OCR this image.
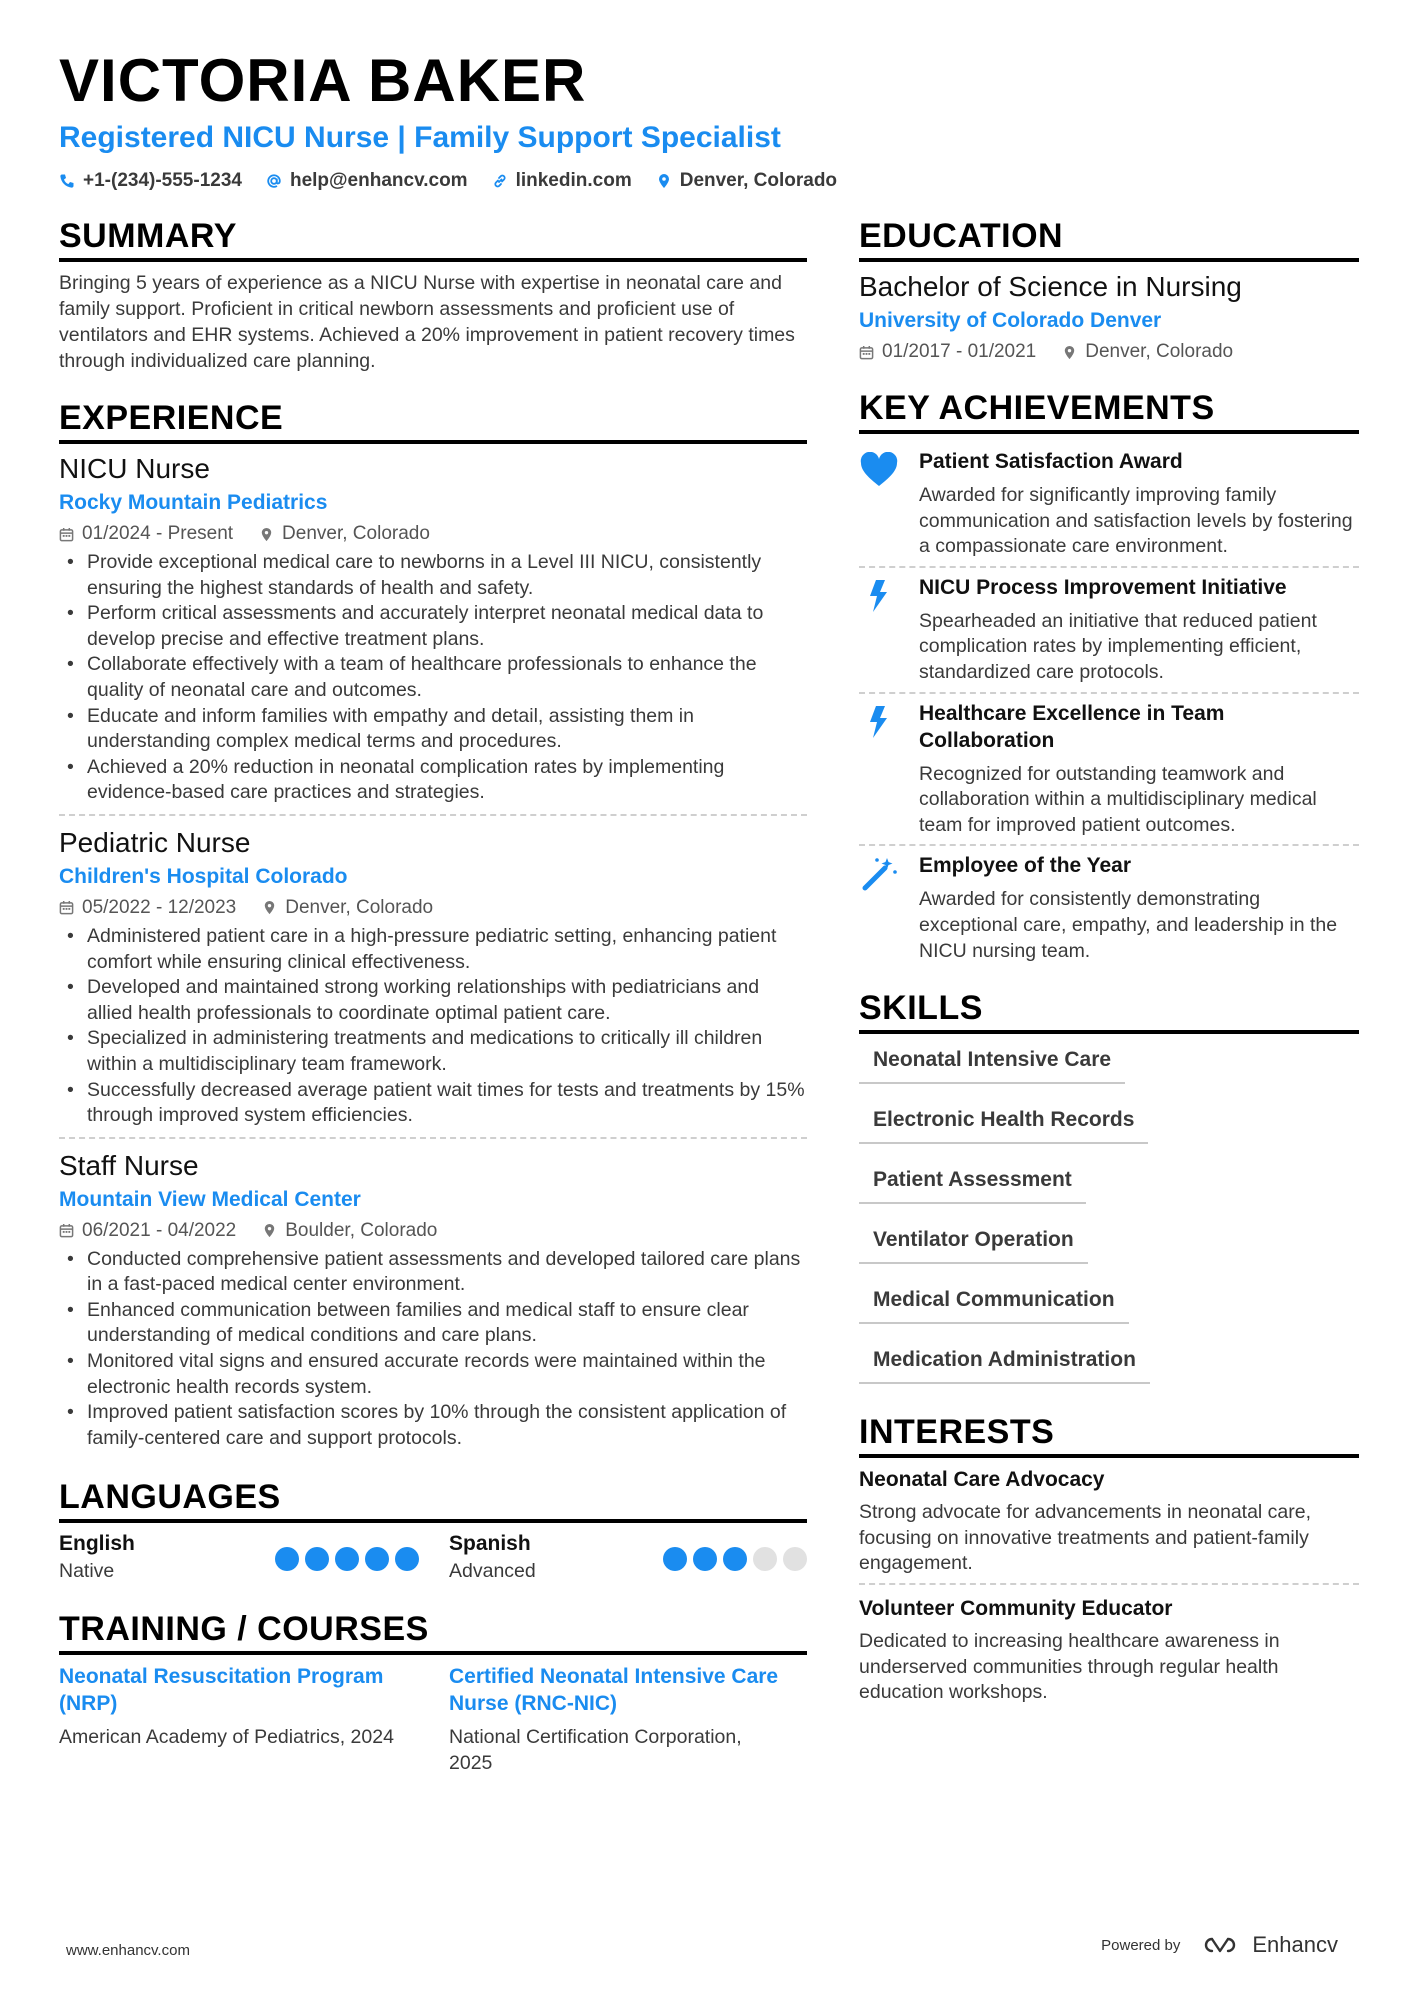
VICTORIA BAKER
Registered NICU Nurse | Family Support Specialist
+1-(234)-555-1234	help@enhancv.com	linkedin.com	Denver, Colorado
SUMMARY
Bringing 5 years of experience as a NICU Nurse with expertise in neonatal care and family support. Proficient in critical newborn assessments and proficient use of ventilators and EHR systems. Achieved a 20% improvement in patient recovery times through individualized care planning.
EXPERIENCE
NICU Nurse
Rocky Mountain Pediatrics
01/2024 - Present	Denver, Colorado
• Provide exceptional medical care to newborns in a Level III NICU, consistently ensuring the highest standards of health and safety.
• Perform critical assessments and accurately interpret neonatal medical data to develop precise and effective treatment plans.
• Collaborate effectively with a team of healthcare professionals to enhance the quality of neonatal care and outcomes.
• Educate and inform families with empathy and detail, assisting them in understanding complex medical terms and procedures.
• Achieved a 20% reduction in neonatal complication rates by implementing evidence-based care practices and strategies.
Pediatric Nurse
Children's Hospital Colorado
05/2022 - 12/2023	Denver, Colorado
• Administered patient care in a high-pressure pediatric setting, enhancing patient comfort while ensuring clinical effectiveness.
• Developed and maintained strong working relationships with pediatricians and allied health professionals to coordinate optimal patient care.
• Specialized in administering treatments and medications to critically ill children within a multidisciplinary team framework.
• Successfully decreased average patient wait times for tests and treatments by 15% through improved system efficiencies.
Staff Nurse
Mountain View Medical Center
06/2021 - 04/2022	Boulder, Colorado
• Conducted comprehensive patient assessments and developed tailored care plans in a fast-paced medical center environment.
• Enhanced communication between families and medical staff to ensure clear understanding of medical conditions and care plans.
• Monitored vital signs and ensured accurate records were maintained within the electronic health records system.
• Improved patient satisfaction scores by 10% through the consistent application of family-centered care and support protocols.
LANGUAGES
English
Native
Spanish
Advanced
TRAINING / COURSES
Neonatal Resuscitation Program (NRP)
American Academy of Pediatrics, 2024
Certified Neonatal Intensive Care Nurse (RNC-NIC)
National Certification Corporation, 2025
EDUCATION
Bachelor of Science in Nursing
University of Colorado Denver
01/2017 - 01/2021	Denver, Colorado
KEY ACHIEVEMENTS
Patient Satisfaction Award
Awarded for significantly improving family communication and satisfaction levels by fostering a compassionate care environment.
NICU Process Improvement Initiative
Spearheaded an initiative that reduced patient complication rates by implementing efficient, standardized care protocols.
Healthcare Excellence in Team Collaboration
Recognized for outstanding teamwork and collaboration within a multidisciplinary medical team for improved patient outcomes.
Employee of the Year
Awarded for consistently demonstrating exceptional care, empathy, and leadership in the NICU nursing team.
SKILLS
Neonatal Intensive Care
Electronic Health Records
Patient Assessment
Ventilator Operation
Medical Communication
Medication Administration
INTERESTS
Neonatal Care Advocacy
Strong advocate for advancements in neonatal care, focusing on innovative treatments and patient-family engagement.
Volunteer Community Educator
Dedicated to increasing healthcare awareness in underserved communities through regular health education workshops.
www.enhancv.com	Powered by	Enhancv
